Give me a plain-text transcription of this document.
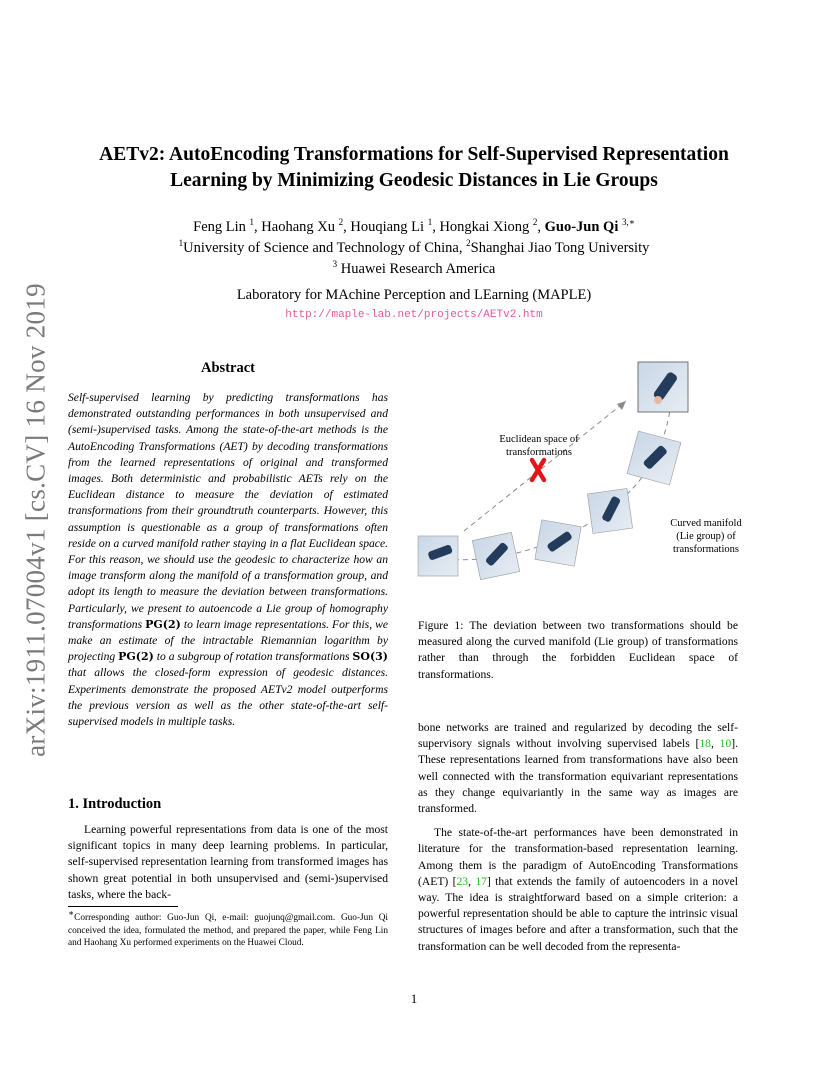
arXiv:1911.07004v1 [cs.CV] 16 Nov 2019
AETv2: AutoEncoding Transformations for Self-Supervised Representation
Learning by Minimizing Geodesic Distances in Lie Groups
Feng Lin $^1$, Haohang Xu $^2$, Houqiang Li $^1$, Hongkai Xiong $^2$, Guo-Jun Qi $^{3,∗}$
$^1$University of Science and Technology of China, $^2$Shanghai Jiao Tong University
$^3$ Huawei Research America
Laboratory for MAchine Perception and LEarning (MAPLE)
http://maple-lab.net/projects/AETv2.htm
Abstract
Self-supervised learning by predicting transformations has demonstrated outstanding performances in both unsupervised and (semi-)supervised tasks. Among the state-of-the-art methods is the AutoEncoding Transformations (AET) by decoding transformations from the learned representations of original and transformed images. Both deterministic and probabilistic AETs rely on the Euclidean distance to measure the deviation of estimated transformations from their groundtruth counterparts. However, this assumption is questionable as a group of transformations often reside on a curved manifold rather staying in a flat Euclidean space. For this reason, we should use the geodesic to characterize how an image transform along the manifold of a transformation group, and adopt its length to measure the deviation between transformations. Particularly, we present to autoencode a Lie group of homography transformations PG(2) to learn image representations. For this, we make an estimate of the intractable Riemannian logarithm by projecting PG(2) to a subgroup of rotation transformations SO(3) that allows the closed-form expression of geodesic distances. Experiments demonstrate the proposed AETv2 model outperforms the previous version as well as the other state-of-the-art self-supervised models in multiple tasks.
1. Introduction
Learning powerful representations from data is one of the most significant topics in many deep learning problems. In particular, self-supervised representation learning from transformed images has shown great potential in both unsupervised and (semi-)supervised tasks, where the back-
∗Corresponding author: Guo-Jun Qi, e-mail: guojunq@gmail.com. Guo-Jun Qi conceived the idea, formulated the method, and prepared the paper, while Feng Lin and Haohang Xu performed experiments on the Huawei Cloud.
Euclidean space of
transformations
Curved manifold
(Lie group) of
transformations
Figure 1: The deviation between two transformations should be measured along the curved manifold (Lie group) of transformations rather than through the forbidden Euclidean space of transformations.

bone networks are trained and regularized by decoding the self-supervisory signals without involving supervised labels [18, 10]. These representations learned from transformations have also been well connected with the transformation equivariant representations as they change equivariantly in the same way as images are transformed.

The state-of-the-art performances have been demonstrated in literature for the transformation-based representation learning. Among them is the paradigm of AutoEncoding Transformations (AET) [23, 17] that extends the family of autoencoders in a novel way. The idea is straightforward based on a simple criterion: a powerful representation should be able to capture the intrinsic visual structures of images before and after a transformation, such that the transformation can be well decoded from the representa-

1
